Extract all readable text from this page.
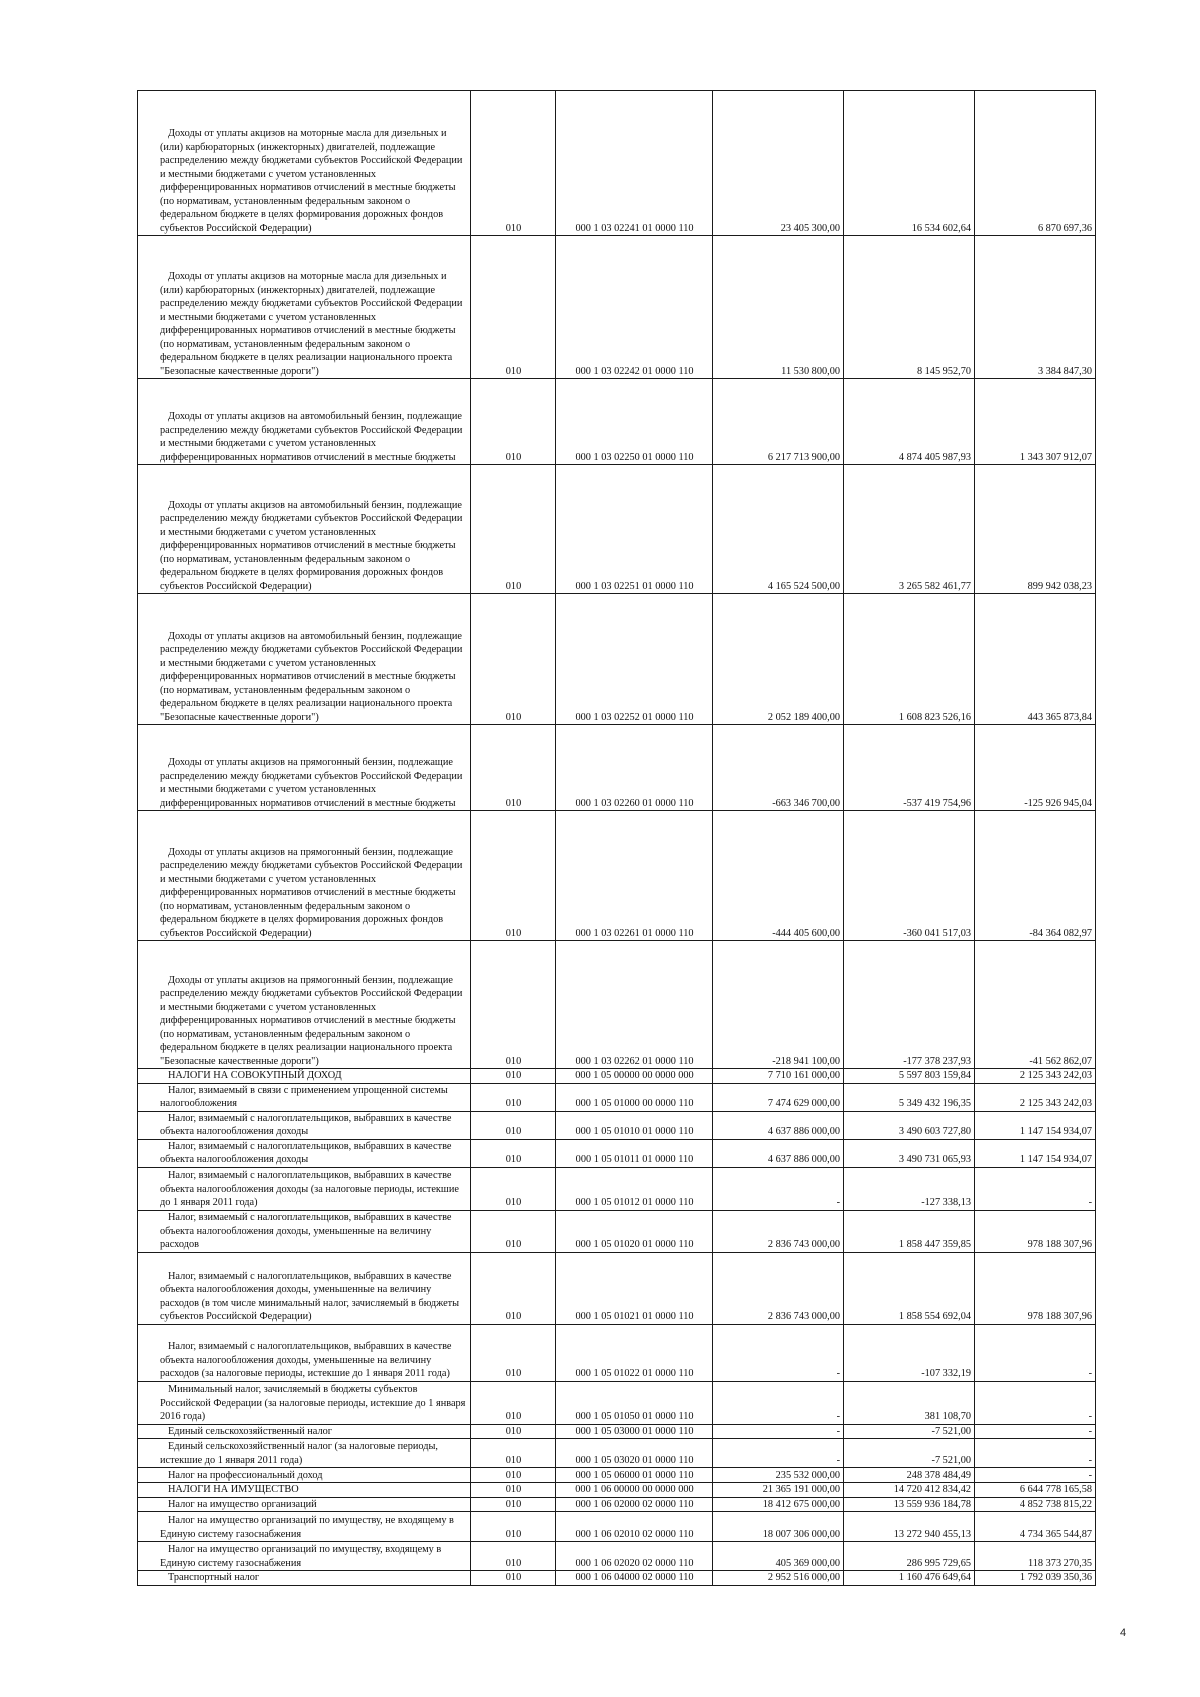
Доходы от уплаты акцизов на моторные масла для дизельных и (или) карбюраторных (инжекторных) двигателей, подлежащие распределению между бюджетами субъектов Российской Федерации и местными бюджетами с учетом установленных дифференцированных нормативов отчислений в местные бюджеты (по нормативам, установленным федеральным законом о федеральном бюджете в целях формирования дорожных фондов субъектов Российской Федерации)	010	000 1 03 02241 01 0000 110	23 405 300,00	16 534 602,64	6 870 697,36
Доходы от уплаты акцизов на моторные масла для дизельных и (или) карбюраторных (инжекторных) двигателей, подлежащие распределению между бюджетами субъектов Российской Федерации и местными бюджетами с учетом установленных дифференцированных нормативов отчислений в местные бюджеты (по нормативам, установленным федеральным законом о федеральном бюджете в целях реализации национального проекта "Безопасные качественные дороги")	010	000 1 03 02242 01 0000 110	11 530 800,00	8 145 952,70	3 384 847,30
Доходы от уплаты акцизов на автомобильный бензин, подлежащие распределению между бюджетами субъектов Российской Федерации и местными бюджетами с учетом установленных дифференцированных нормативов отчислений в местные бюджеты	010	000 1 03 02250 01 0000 110	6 217 713 900,00	4 874 405 987,93	1 343 307 912,07
Доходы от уплаты акцизов на автомобильный бензин, подлежащие распределению между бюджетами субъектов Российской Федерации и местными бюджетами с учетом установленных дифференцированных нормативов отчислений в местные бюджеты (по нормативам, установленным федеральным законом о федеральном бюджете в целях формирования дорожных фондов субъектов Российской Федерации)	010	000 1 03 02251 01 0000 110	4 165 524 500,00	3 265 582 461,77	899 942 038,23
Доходы от уплаты акцизов на автомобильный бензин, подлежащие распределению между бюджетами субъектов Российской Федерации и местными бюджетами с учетом установленных дифференцированных нормативов отчислений в местные бюджеты (по нормативам, установленным федеральным законом о федеральном бюджете в целях реализации национального проекта "Безопасные качественные дороги")	010	000 1 03 02252 01 0000 110	2 052 189 400,00	1 608 823 526,16	443 365 873,84
Доходы от уплаты акцизов на прямогонный бензин, подлежащие распределению между бюджетами субъектов Российской Федерации и местными бюджетами с учетом установленных дифференцированных нормативов отчислений в местные бюджеты	010	000 1 03 02260 01 0000 110	-663 346 700,00	-537 419 754,96	-125 926 945,04
Доходы от уплаты акцизов на прямогонный бензин, подлежащие распределению между бюджетами субъектов Российской Федерации и местными бюджетами с учетом установленных дифференцированных нормативов отчислений в местные бюджеты (по нормативам, установленным федеральным законом о федеральном бюджете в целях формирования дорожных фондов субъектов Российской Федерации)	010	000 1 03 02261 01 0000 110	-444 405 600,00	-360 041 517,03	-84 364 082,97
Доходы от уплаты акцизов на прямогонный бензин, подлежащие распределению между бюджетами субъектов Российской Федерации и местными бюджетами с учетом установленных дифференцированных нормативов отчислений в местные бюджеты (по нормативам, установленным федеральным законом о федеральном бюджете в целях реализации национального проекта "Безопасные качественные дороги")	010	000 1 03 02262 01 0000 110	-218 941 100,00	-177 378 237,93	-41 562 862,07
НАЛОГИ НА СОВОКУПНЫЙ ДОХОД	010	000 1 05 00000 00 0000 000	7 710 161 000,00	5 597 803 159,84	2 125 343 242,03
Налог, взимаемый в связи с применением упрощенной системы налогообложения	010	000 1 05 01000 00 0000 110	7 474 629 000,00	5 349 432 196,35	2 125 343 242,03
Налог, взимаемый с налогоплательщиков, выбравших в качестве объекта налогообложения доходы	010	000 1 05 01010 01 0000 110	4 637 886 000,00	3 490 603 727,80	1 147 154 934,07
Налог, взимаемый с налогоплательщиков, выбравших в качестве объекта налогообложения доходы	010	000 1 05 01011 01 0000 110	4 637 886 000,00	3 490 731 065,93	1 147 154 934,07
Налог, взимаемый с налогоплательщиков, выбравших в качестве объекта налогообложения доходы (за налоговые периоды, истекшие до 1 января 2011 года)	010	000 1 05 01012 01 0000 110	-	-127 338,13	-
Налог, взимаемый с налогоплательщиков, выбравших в качестве объекта налогообложения доходы, уменьшенные на величину расходов	010	000 1 05 01020 01 0000 110	2 836 743 000,00	1 858 447 359,85	978 188 307,96
Налог, взимаемый с налогоплательщиков, выбравших в качестве объекта налогообложения доходы, уменьшенные на величину расходов (в том числе минимальный налог, зачисляемый в бюджеты субъектов Российской Федерации)	010	000 1 05 01021 01 0000 110	2 836 743 000,00	1 858 554 692,04	978 188 307,96
Налог, взимаемый с налогоплательщиков, выбравших в качестве объекта налогообложения доходы, уменьшенные на величину расходов (за налоговые периоды, истекшие до 1 января 2011 года)	010	000 1 05 01022 01 0000 110	-	-107 332,19	-
Минимальный налог, зачисляемый в бюджеты субъектов Российской Федерации (за налоговые периоды, истекшие до 1 января 2016 года)	010	000 1 05 01050 01 0000 110	-	381 108,70	-
Единый сельскохозяйственный налог	010	000 1 05 03000 01 0000 110	-	-7 521,00	-
Единый сельскохозяйственный налог (за налоговые периоды, истекшие до 1 января 2011 года)	010	000 1 05 03020 01 0000 110	-	-7 521,00	-
Налог на профессиональный доход	010	000 1 05 06000 01 0000 110	235 532 000,00	248 378 484,49	-
НАЛОГИ НА ИМУЩЕСТВО	010	000 1 06 00000 00 0000 000	21 365 191 000,00	14 720 412 834,42	6 644 778 165,58
Налог на имущество организаций	010	000 1 06 02000 02 0000 110	18 412 675 000,00	13 559 936 184,78	4 852 738 815,22
Налог на имущество организаций по имуществу, не входящему в Единую систему газоснабжения	010	000 1 06 02010 02 0000 110	18 007 306 000,00	13 272 940 455,13	4 734 365 544,87
Налог на имущество организаций по имуществу, входящему в Единую систему газоснабжения	010	000 1 06 02020 02 0000 110	405 369 000,00	286 995 729,65	118 373 270,35
Транспортный налог	010	000 1 06 04000 02 0000 110	2 952 516 000,00	1 160 476 649,64	1 792 039 350,36
4
